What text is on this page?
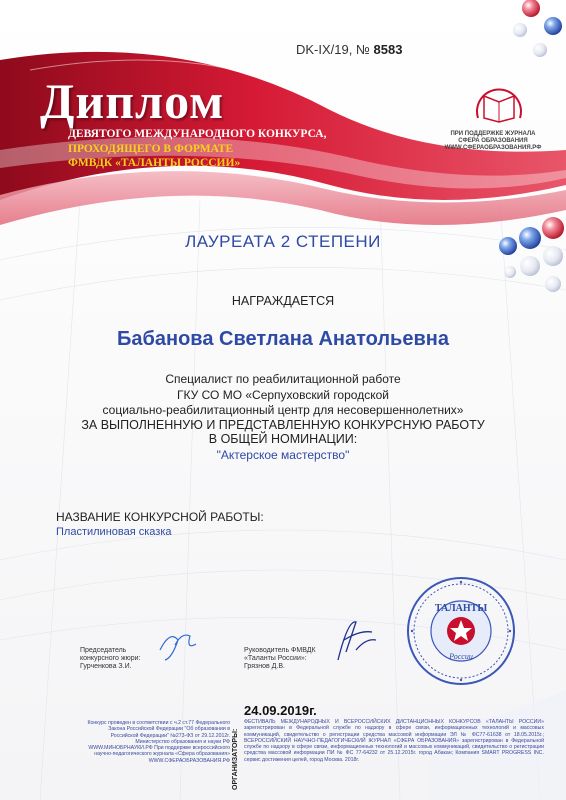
DK-IX/19, № 8583
Диплом
ДЕВЯТОГО МЕЖДУНАРОДНОГО КОНКУРСА,
ПРОХОДЯЩЕГО В ФОРМАТЕ
ФМВДК «ТАЛАНТЫ РОССИИ»
ПРИ ПОДДЕРЖКЕ ЖУРНАЛА
СФЕРА ОБРАЗОВАНИЯ
WWW.СФЕРАОБРАЗОВАНИЯ.РФ
ЛАУРЕАТА 2 СТЕПЕНИ
НАГРАЖДАЕТСЯ
Бабанова Светлана Анатольевна
Специалист по реабилитационной работе
ГКУ СО МО «Серпуховский городской
социально-реабилитационный центр для несовершеннолетних»
ЗА ВЫПОЛНЕННУЮ И ПРЕДСТАВЛЕННУЮ КОНКУРСНУЮ РАБОТУ
В ОБЩЕЙ НОМИНАЦИИ:
"Актерское мастерство"
НАЗВАНИЕ КОНКУРСНОЙ РАБОТЫ:
Пластилиновая сказка
Председатель
конкурсного жюри:
Гурченкова З.И.
Руководитель ФМВДК
«Таланты России»:
Грязнов Д.В.
ТАЛАНТЫ
России
24.09.2019г.
Конкурс проведен в соответствии с ч.2 ст.77 Федерального Закона Российской Федерации "Об образовании в Российской Федерации" №273-ФЗ от 29.12.2012г. Министерство образования и науки РФ WWW.МИНОБРНАУКИ.РФ При поддержке всероссийского научно-педагогического журнала «Сфера образования» WWW.СФЕРАОБРАЗОВАНИЯ.РФ ОРГАНИЗАТОРЫ:
ФЕСТИВАЛЬ МЕЖДУНАРОДНЫХ И ВСЕРОССИЙСКИХ ДИСТАНЦИОННЫХ КОНКУРСОВ «ТАЛАНТЫ РОССИИ» зарегистрирован в Федеральной службе по надзору в сфере связи, информационных технологий и массовых коммуникаций, свидетельство о регистрации средства массовой информации ЭЛ № ФС77-61638 от 18.05.2015г.; ВСЕРОССИЙСКИЙ НАУЧНО-ПЕДАГОГИЧЕСКИЙ ЖУРНАЛ «СФЕРА ОБРАЗОВАНИЯ» зарегистрирован в Федеральной службе по надзору в сфере связи, информационных технологий и массовых коммуникаций, свидетельство о регистрации средства массовой информации ПИ № ФС 77-64232 от 25.12.2015г. город Абакан; Компания SMART PROGRESS INC. сервис достижения целей, город Москва. 2018г.
